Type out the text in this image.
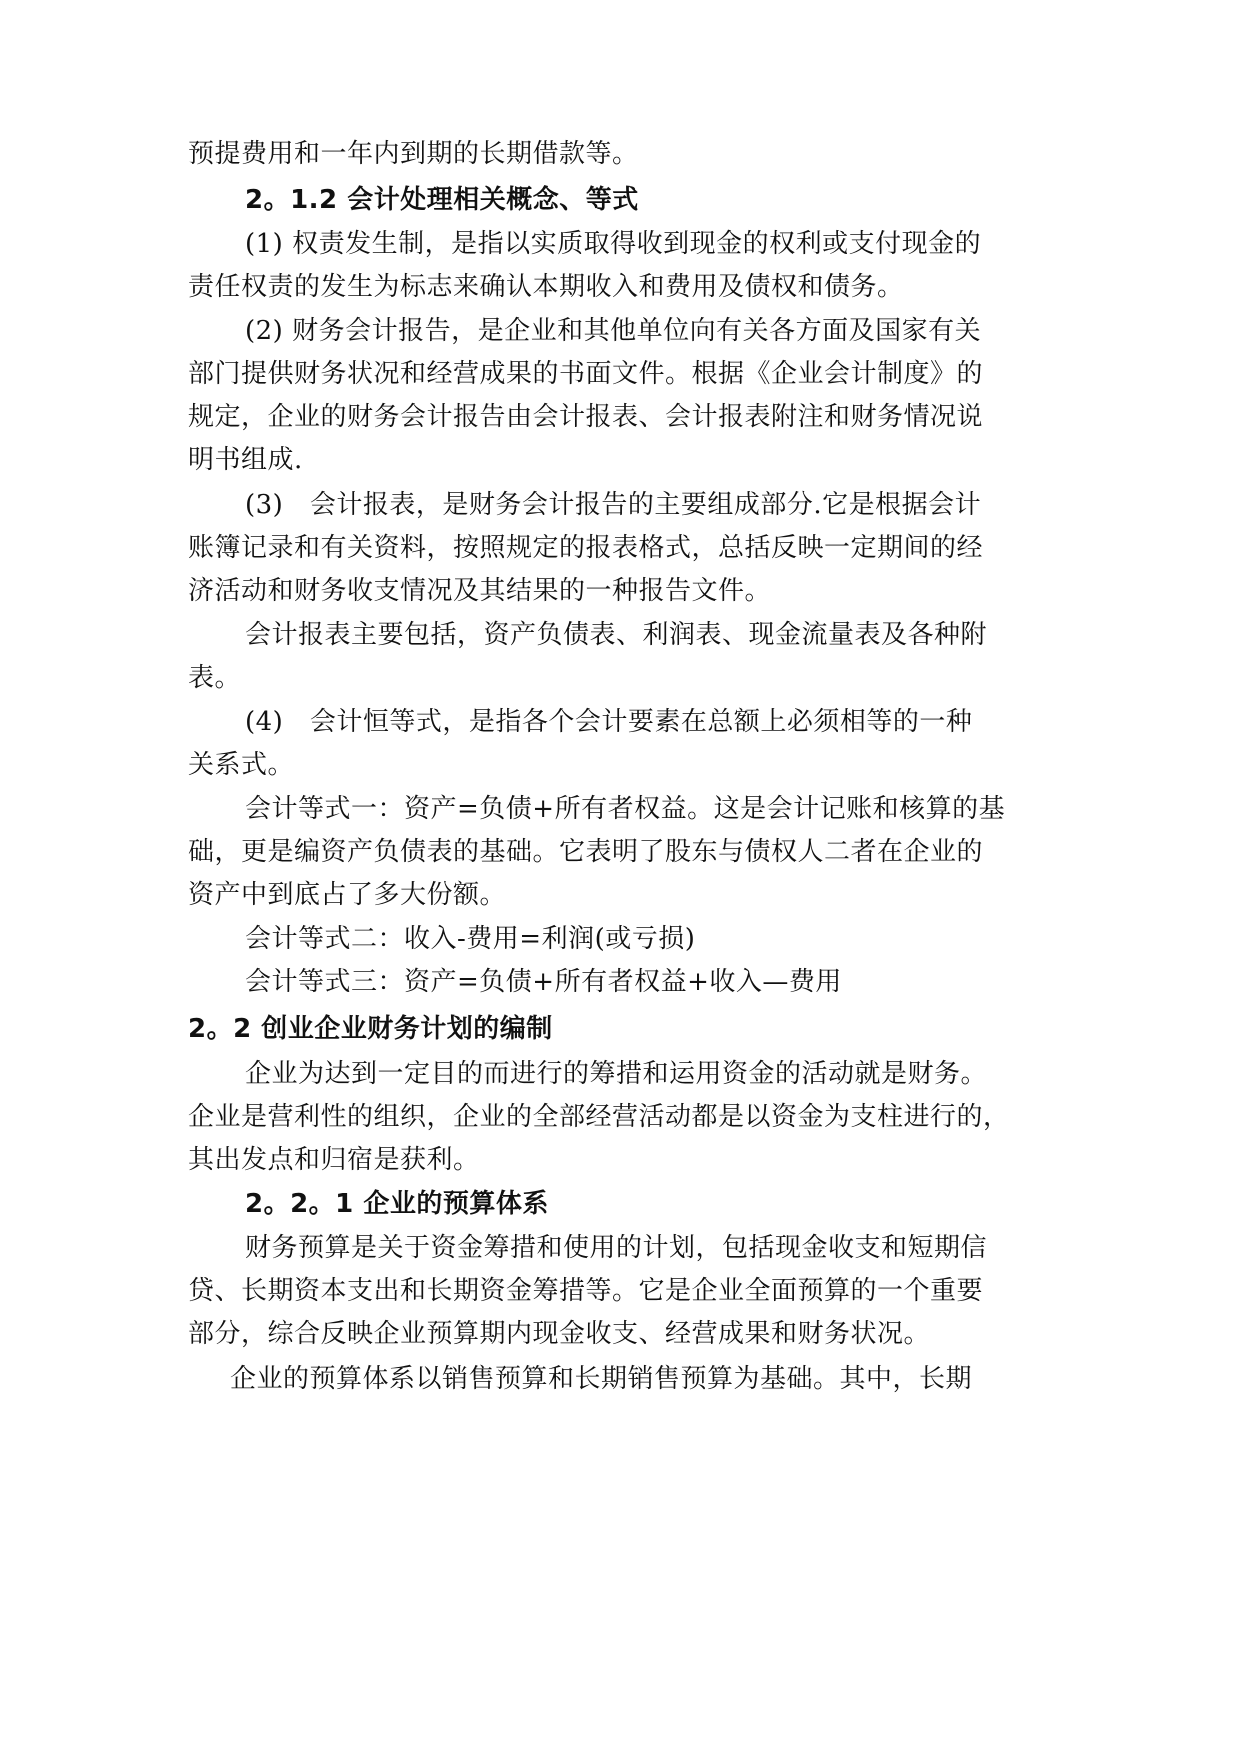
预提费用和一年内到期的长期借款等。
2。1.2 会计处理相关概念、等式
(1) 权责发生制，是指以实质取得收到现金的权利或支付现金的
责任权责的发生为标志来确认本期收入和费用及债权和债务。
(2) 财务会计报告，是企业和其他单位向有关各方面及国家有关
部门提供财务状况和经营成果的书面文件。根据《企业会计制度》的
规定，企业的财务会计报告由会计报表、会计报表附注和财务情况说
明书组成.
(3)　会计报表，是财务会计报告的主要组成部分.它是根据会计
账簿记录和有关资料，按照规定的报表格式，总括反映一定期间的经
济活动和财务收支情况及其结果的一种报告文件。
会计报表主要包括，资产负债表、利润表、现金流量表及各种附
表。
(4)　会计恒等式，是指各个会计要素在总额上必须相等的一种
关系式。
会计等式一：资产=负债+所有者权益。这是会计记账和核算的基
础，更是编资产负债表的基础。它表明了股东与债权人二者在企业的
资产中到底占了多大份额。
会计等式二：收入-费用=利润(或亏损)
会计等式三：资产=负债+所有者权益+收入—费用
2。2 创业企业财务计划的编制
企业为达到一定目的而进行的筹措和运用资金的活动就是财务。
企业是营利性的组织，企业的全部经营活动都是以资金为支柱进行的，
其出发点和归宿是获利。
2。2。1 企业的预算体系
财务预算是关于资金筹措和使用的计划，包括现金收支和短期信
贷、长期资本支出和长期资金筹措等。它是企业全面预算的一个重要
部分，综合反映企业预算期内现金收支、经营成果和财务状况。
企业的预算体系以销售预算和长期销售预算为基础。其中，长期
